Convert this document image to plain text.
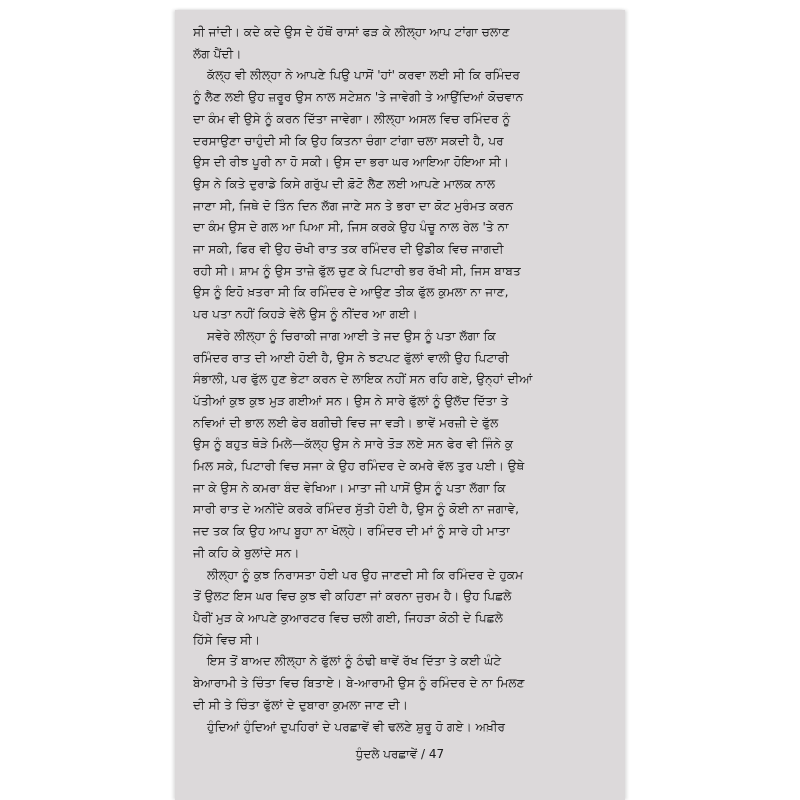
ਸੀ ਜਾਂਦੀ। ਕਦੇ ਕਦੇ ਉਸ ਦੇ ਹੱਥੋਂ ਰਾਸਾਂ ਫੜ ਕੇ ਲੀਲ੍ਹਾ ਆਪ ਟਾਂਗਾ ਚਲਾਣ
ਲੱਗ ਪੈਂਦੀ।
ਕੱਲ੍ਹ ਵੀ ਲੀਲ੍ਹਾ ਨੇ ਆਪਣੇ ਪਿਉ ਪਾਸੋਂ 'ਹਾਂ' ਕਰਵਾ ਲਈ ਸੀ ਕਿ ਰਮਿੰਦਰ
ਨੂੰ ਲੈਣ ਲਈ ਉਹ ਜ਼ਰੂਰ ਉਸ ਨਾਲ ਸਟੇਸ਼ਨ 'ਤੇ ਜਾਵੇਗੀ ਤੇ ਆਉਂਦਿਆਂ ਕੋਚਵਾਨ
ਦਾ ਕੰਮ ਵੀ ਉਸੇ ਨੂੰ ਕਰਨ ਦਿੱਤਾ ਜਾਵੇਗਾ। ਲੀਲ੍ਹਾ ਅਸਲ ਵਿਚ ਰਮਿੰਦਰ ਨੂੰ
ਦਰਸਾਉਣਾ ਚਾਹੁੰਦੀ ਸੀ ਕਿ ਉਹ ਕਿਤਨਾ ਚੰਗਾ ਟਾਂਗਾ ਚਲਾ ਸਕਦੀ ਹੈ, ਪਰ
ਉਸ ਦੀ ਰੀਝ ਪੂਰੀ ਨਾ ਹੋ ਸਕੀ। ਉਸ ਦਾ ਭਰਾ ਘਰ ਆਇਆ ਹੋਇਆ ਸੀ।
ਉਸ ਨੇ ਕਿਤੇ ਦੁਰਾਡੇ ਕਿਸੇ ਗਰੁੱਪ ਦੀ ਫ਼ੋਟੋ ਲੈਣ ਲਈ ਆਪਣੇ ਮਾਲਕ ਨਾਲ
ਜਾਣਾ ਸੀ, ਜਿਥੇ ਦੋ ਤਿੰਨ ਦਿਨ ਲੱਗ ਜਾਣੇ ਸਨ ਤੇ ਭਰਾ ਦਾ ਕੋਟ ਮੁਰੰਮਤ ਕਰਨ
ਦਾ ਕੰਮ ਉਸ ਦੇ ਗਲ ਆ ਪਿਆ ਸੀ, ਜਿਸ ਕਰਕੇ ਉਹ ਪੰਚੂ ਨਾਲ ਰੇਲ 'ਤੇ ਨਾ
ਜਾ ਸਕੀ, ਫਿਰ ਵੀ ਉਹ ਚੋਖੀ ਰਾਤ ਤਕ ਰਮਿੰਦਰ ਦੀ ਉਡੀਕ ਵਿਚ ਜਾਗਦੀ
ਰਹੀ ਸੀ। ਸ਼ਾਮ ਨੂੰ ਉਸ ਤਾਜ਼ੇ ਫੁੱਲ ਚੁਣ ਕੇ ਪਿਟਾਰੀ ਭਰ ਰੱਖੀ ਸੀ, ਜਿਸ ਬਾਬਤ
ਉਸ ਨੂੰ ਇਹੋ ਖ਼ਤਰਾ ਸੀ ਕਿ ਰਮਿੰਦਰ ਦੇ ਆਉਣ ਤੀਕ ਫੁੱਲ ਕੁਮਲਾ ਨਾ ਜਾਣ,
ਪਰ ਪਤਾ ਨਹੀਂ ਕਿਹੜੇ ਵੇਲੇ ਉਸ ਨੂੰ ਨੀਂਦਰ ਆ ਗਈ।
ਸਵੇਰੇ ਲੀਲ੍ਹਾ ਨੂੰ ਚਿਰਾਕੀ ਜਾਗ ਆਈ ਤੇ ਜਦ ਉਸ ਨੂੰ ਪਤਾ ਲੱਗਾ ਕਿ
ਰਮਿੰਦਰ ਰਾਤ ਦੀ ਆਈ ਹੋਈ ਹੈ, ਉਸ ਨੇ ਝਟਪਟ ਫੁੱਲਾਂ ਵਾਲੀ ਉਹ ਪਿਟਾਰੀ
ਸੰਭਾਲੀ, ਪਰ ਫੁੱਲ ਹੁਣ ਭੇਟਾ ਕਰਨ ਦੇ ਲਾਇਕ ਨਹੀਂ ਸਨ ਰਹਿ ਗਏ, ਉਨ੍ਹਾਂ ਦੀਆਂ
ਪੱਤੀਆਂ ਕੁਝ ਕੁਝ ਮੁੜ ਗਈਆਂ ਸਨ। ਉਸ ਨੇ ਸਾਰੇ ਫੁੱਲਾਂ ਨੂੰ ਉਲੱਦ ਦਿੱਤਾ ਤੇ
ਨਵਿਆਂ ਦੀ ਭਾਲ ਲਈ ਫੇਰ ਬਗੀਚੀ ਵਿਚ ਜਾ ਵੜੀ। ਭਾਵੇਂ ਮਰਜ਼ੀ ਦੇ ਫੁੱਲ
ਉਸ ਨੂੰ ਬਹੁਤ ਥੋੜੇ ਮਿਲੇ—ਕੱਲ੍ਹ ਉਸ ਨੇ ਸਾਰੇ ਤੋੜ ਲਏ ਸਨ ਫੇਰ ਵੀ ਜਿੰਨੇ ਕੁ
ਮਿਲ ਸਕੇ, ਪਿਟਾਰੀ ਵਿਚ ਸਜਾ ਕੇ ਉਹ ਰਮਿੰਦਰ ਦੇ ਕਮਰੇ ਵੱਲ ਤੁਰ ਪਈ। ਉਥੇ
ਜਾ ਕੇ ਉਸ ਨੇ ਕਮਰਾ ਬੰਦ ਵੇਖਿਆ। ਮਾਤਾ ਜੀ ਪਾਸੋਂ ਉਸ ਨੂੰ ਪਤਾ ਲੱਗਾ ਕਿ
ਸਾਰੀ ਰਾਤ ਦੇ ਅਨੀਂਦੇ ਕਰਕੇ ਰਮਿੰਦਰ ਸੁੱਤੀ ਹੋਈ ਹੈ, ਉਸ ਨੂੰ ਕੋਈ ਨਾ ਜਗਾਵੇ,
ਜਦ ਤਕ ਕਿ ਉਹ ਆਪ ਬੂਹਾ ਨਾ ਖੋਲ੍ਹੇ। ਰਮਿੰਦਰ ਦੀ ਮਾਂ ਨੂੰ ਸਾਰੇ ਹੀ ਮਾਤਾ
ਜੀ ਕਹਿ ਕੇ ਬੁਲਾਂਦੇ ਸਨ।
ਲੀਲ੍ਹਾ ਨੂੰ ਕੁਝ ਨਿਰਾਸਤਾ ਹੋਈ ਪਰ ਉਹ ਜਾਣਦੀ ਸੀ ਕਿ ਰਮਿੰਦਰ ਦੇ ਹੁਕਮ
ਤੋਂ ਉਲਟ ਇਸ ਘਰ ਵਿਚ ਕੁਝ ਵੀ ਕਹਿਣਾ ਜਾਂ ਕਰਨਾ ਜੁਰਮ ਹੈ। ਉਹ ਪਿਛਲੇ
ਪੈਰੀਂ ਮੁੜ ਕੇ ਆਪਣੇ ਕੁਆਰਟਰ ਵਿਚ ਚਲੀ ਗਈ, ਜਿਹੜਾ ਕੋਠੀ ਦੇ ਪਿਛਲੇ
ਹਿੱਸੇ ਵਿਚ ਸੀ।
ਇਸ ਤੋਂ ਬਾਅਦ ਲੀਲ੍ਹਾ ਨੇ ਫੁੱਲਾਂ ਨੂੰ ਠੰਢੀ ਥਾਵੇਂ ਰੱਖ ਦਿੱਤਾ ਤੇ ਕਈ ਘੰਟੇ
ਬੇਆਰਾਮੀ ਤੇ ਚਿੰਤਾ ਵਿਚ ਬਿਤਾਏ। ਬੇ-ਆਰਾਮੀ ਉਸ ਨੂੰ ਰਮਿੰਦਰ ਦੇ ਨਾ ਮਿਲਣ
ਦੀ ਸੀ ਤੇ ਚਿੰਤਾ ਫੁੱਲਾਂ ਦੇ ਦੁਬਾਰਾ ਕੁਮਲਾ ਜਾਣ ਦੀ।
ਹੁੰਦਿਆਂ ਹੁੰਦਿਆਂ ਦੁਪਹਿਰਾਂ ਦੇ ਪਰਛਾਵੇਂ ਵੀ ਢਲਣੇ ਸ਼ੁਰੂ ਹੋ ਗਏ। ਅਖ਼ੀਰ
ਧੁੰਦਲੇ ਪਰਛਾਵੇਂ / 47
